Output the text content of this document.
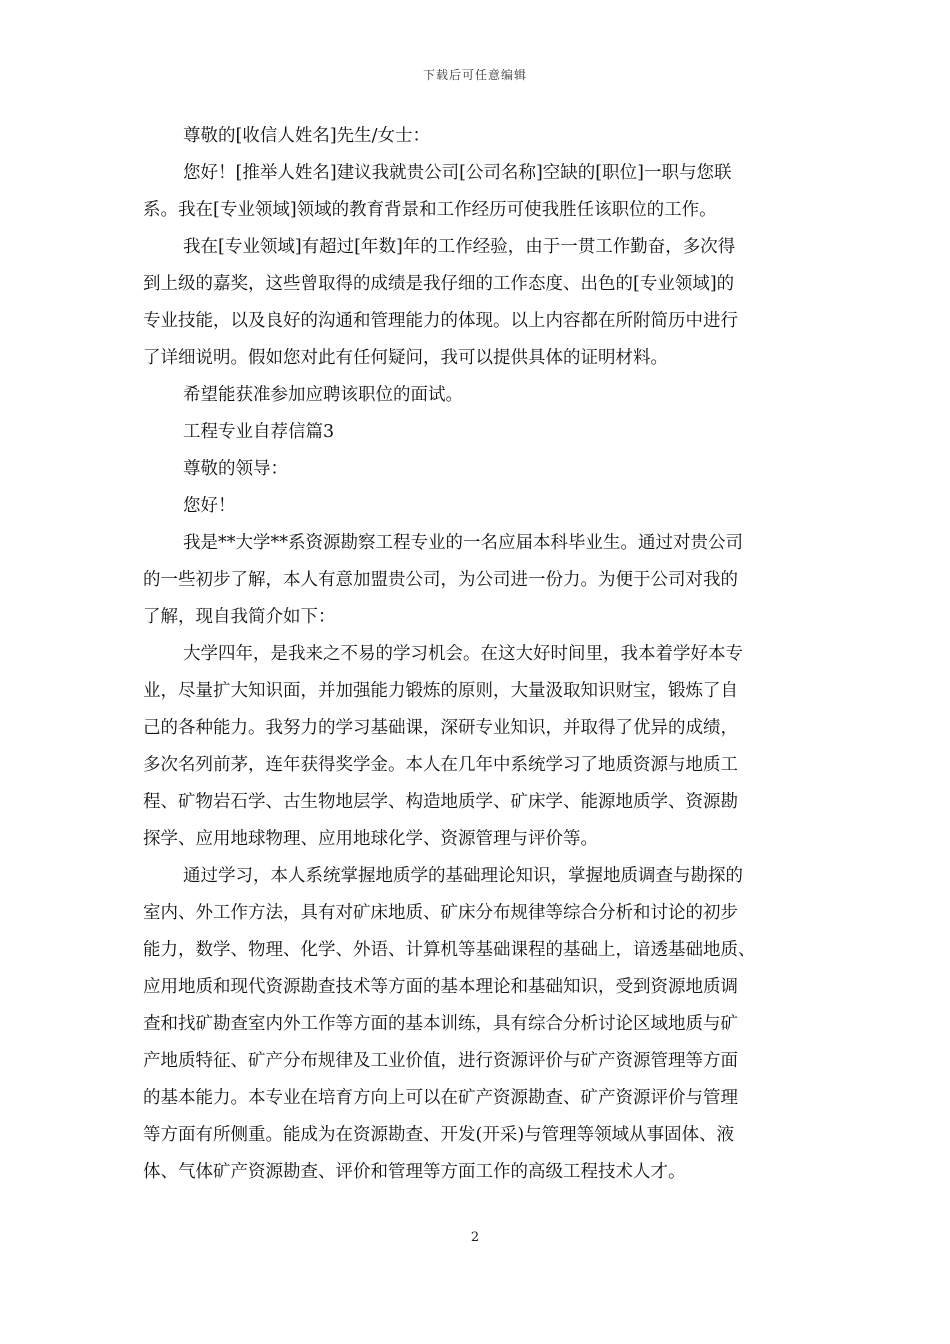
下载后可任意编辑
尊敬的[收信人姓名]先生/女士：
您好！[推举人姓名]建议我就贵公司[公司名称]空缺的[职位]一职与您联
系。我在[专业领域]领域的教育背景和工作经历可使我胜任该职位的工作。
我在[专业领域]有超过[年数]年的工作经验，由于一贯工作勤奋，多次得
到上级的嘉奖，这些曾取得的成绩是我仔细的工作态度、出色的[专业领域]的
专业技能，以及良好的沟通和管理能力的体现。以上内容都在所附简历中进行
了详细说明。假如您对此有任何疑问，我可以提供具体的证明材料。
希望能获准参加应聘该职位的面试。
工程专业自荐信篇3
尊敬的领导：
您好！
我是**大学**系资源勘察工程专业的一名应届本科毕业生。通过对贵公司
的一些初步了解，本人有意加盟贵公司，为公司进一份力。为便于公司对我的
了解，现自我简介如下：
大学四年，是我来之不易的学习机会。在这大好时间里，我本着学好本专
业，尽量扩大知识面，并加强能力锻炼的原则，大量汲取知识财宝，锻炼了自
己的各种能力。我努力的学习基础课，深研专业知识，并取得了优异的成绩，
多次名列前茅，连年获得奖学金。本人在几年中系统学习了地质资源与地质工
程、矿物岩石学、古生物地层学、构造地质学、矿床学、能源地质学、资源勘
探学、应用地球物理、应用地球化学、资源管理与评价等。
通过学习，本人系统掌握地质学的基础理论知识，掌握地质调查与勘探的
室内、外工作方法，具有对矿床地质、矿床分布规律等综合分析和讨论的初步
能力，数学、物理、化学、外语、计算机等基础课程的基础上，谙透基础地质、
应用地质和现代资源勘查技术等方面的基本理论和基础知识，受到资源地质调
查和找矿勘查室内外工作等方面的基本训练，具有综合分析讨论区域地质与矿
产地质特征、矿产分布规律及工业价值，进行资源评价与矿产资源管理等方面
的基本能力。本专业在培育方向上可以在矿产资源勘查、矿产资源评价与管理
等方面有所侧重。能成为在资源勘查、开发(开采)与管理等领域从事固体、液
体、气体矿产资源勘查、评价和管理等方面工作的高级工程技术人才。
2
